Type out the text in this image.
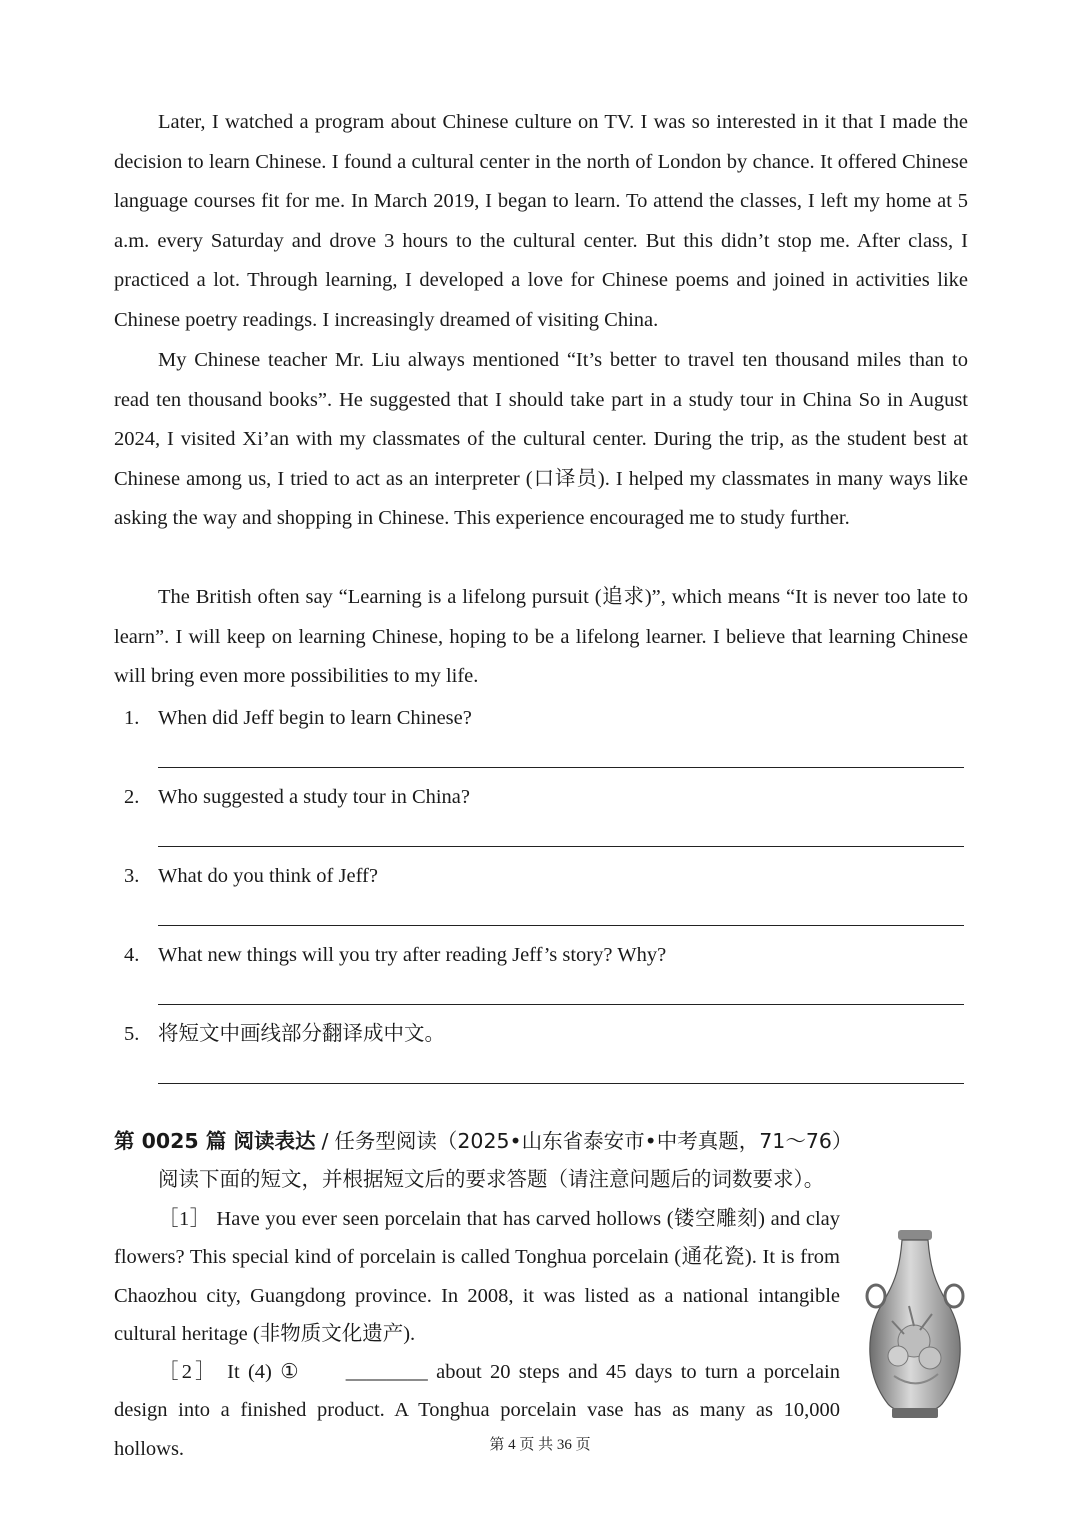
Later, I watched a program about Chinese culture on TV. I was so interested in it that I made the decision to learn Chinese. I found a cultural center in the north of London by chance. It offered Chinese language courses fit for me. In March 2019, I began to learn. To attend the classes, I left my home at 5 a.m. every Saturday and drove 3 hours to the cultural center. But this didn’t stop me. After class, I practiced a lot. Through learning, I developed a love for Chinese poems and joined in activities like Chinese poetry readings. I increasingly dreamed of visiting China.

My Chinese teacher Mr. Liu always mentioned “It’s better to travel ten thousand miles than to read ten thousand books”. He suggested that I should take part in a study tour in China So in August 2024, I visited Xi’an with my classmates of the cultural center. During the trip, as the student best at Chinese among us, I tried to act as an interpreter (口译员). I helped my classmates in many ways like asking the way and shopping in Chinese. This experience encouraged me to study further.

The British often say “Learning is a lifelong pursuit (追求)”, which means “It is never too late to learn”. I will keep on learning Chinese, hoping to be a lifelong learner. I believe that learning Chinese will bring even more possibilities to my life.

1. When did Jeff begin to learn Chinese?
2. Who suggested a study tour in China?
3. What do you think of Jeff?
4. What new things will you try after reading Jeff’s story? Why?
5. 将短文中画线部分翻译成中文。
第 0025 篇 阅读表达 / 任务型阅读（2025•山东省泰安市•中考真题，71～76）
阅读下面的短文，并根据短文后的要求答题（请注意问题后的词数要求）。

［1］ Have you ever seen porcelain that has carved hollows (镂空雕刻) and clay flowers? This special kind of porcelain is called Tonghua porcelain (通花瓷). It is from Chaozhou city, Guangdong province. In 2008, it was listed as a national intangible cultural heritage (非物质文化遗产).

［2］ It (4) ① ________ about 20 steps and 45 days to turn a porcelain design into a finished product. A Tonghua porcelain vase has as many as 10,000 hollows.	第 4 页 共 36 页
